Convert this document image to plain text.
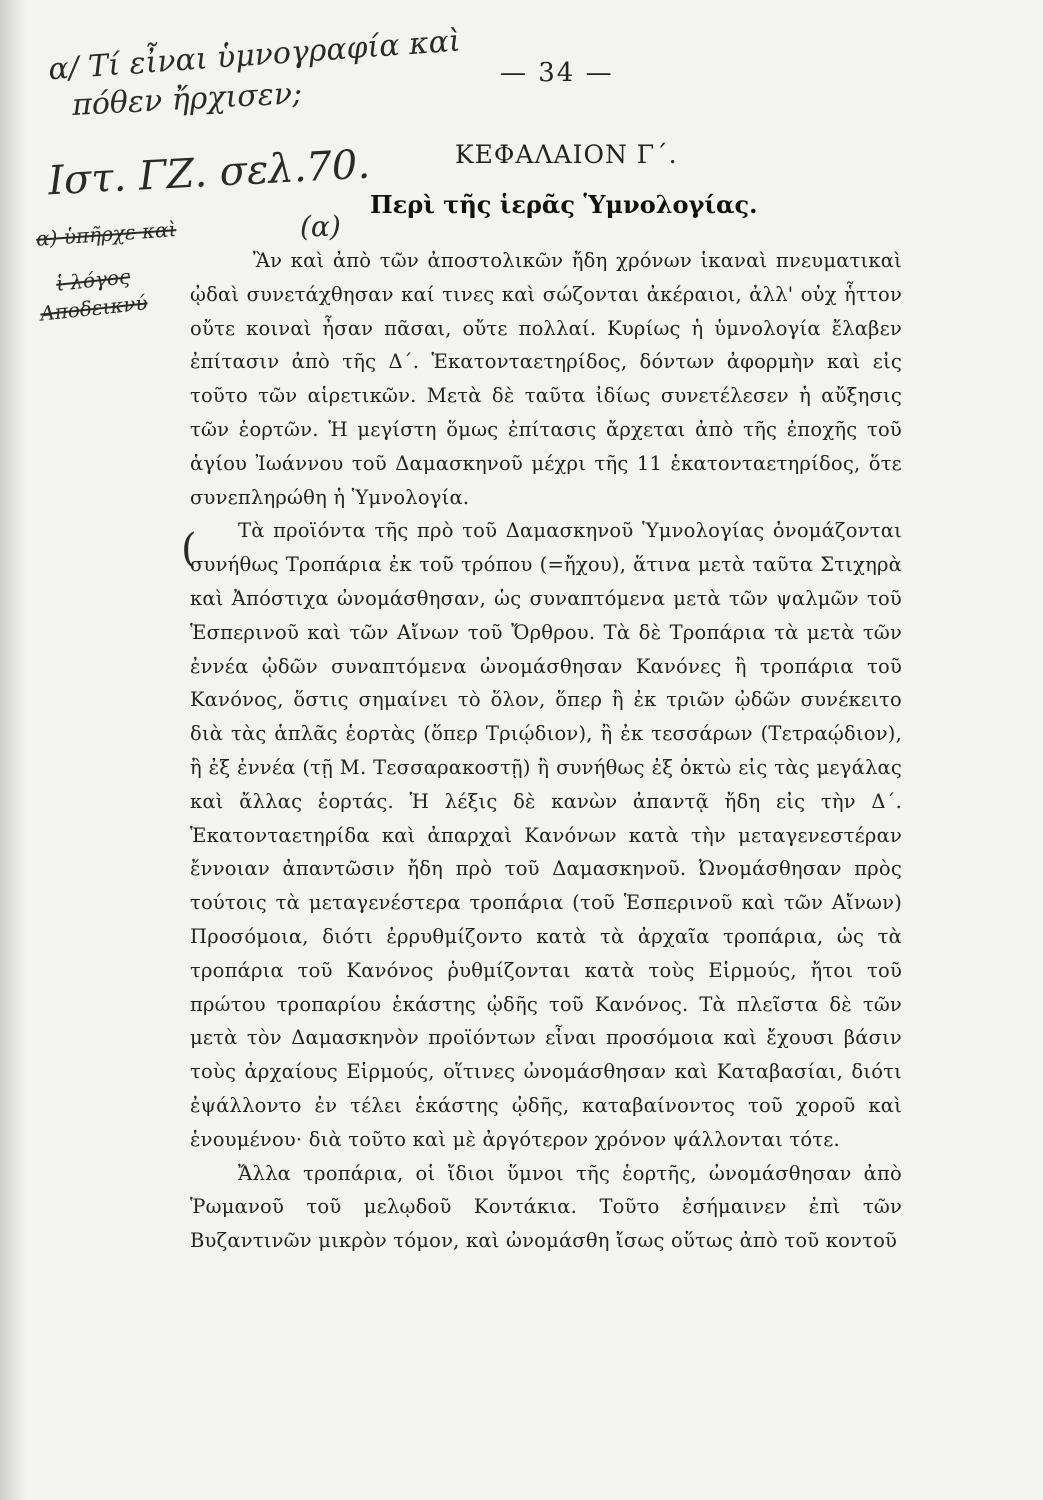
α/ Τί εἶναι ὑμνογραφία καὶ
πόθεν ἤρχισεν;
Ιστ. ΓΖ. σελ.70.
(α)
α) ὑπῆρχε καὶ
ἱ λόγος
Αποδεικνύ
(
— 34 —
ΚΕΦΑΛΑΙΟΝ Γ΄.
Περὶ τῆς ἱερᾶς Ὑμνολογίας.

Ἂν καὶ ἀπὸ τῶν ἀποστολικῶν ἤδη χρόνων ἱκαναὶ πνευματικαὶ ᾠδαὶ συνετάχθησαν καί τινες καὶ σώζονται ἀκέραιοι, ἀλλ' οὐχ ἧττον οὔτε κοιναὶ ἦσαν πᾶσαι, οὔτε πολλαί. Κυρίως ἡ ὑμνολογία ἔλαβεν ἐπίτασιν ἀπὸ τῆς Δ΄. Ἑκατονταετηρίδος, δόντων ἀφορμὴν καὶ εἰς τοῦτο τῶν αἱρετικῶν. Μετὰ δὲ ταῦτα ἰδίως συνετέλεσεν ἡ αὔξησις τῶν ἑορτῶν. Ἡ μεγίστη ὅμως ἐπίτασις ἄρχεται ἀπὸ τῆς ἐποχῆς τοῦ ἁγίου Ἰωάννου τοῦ Δαμασκηνοῦ μέχρι τῆς 11 ἑκατονταετηρίδος, ὅτε συνεπληρώθη ἡ Ὑμνολογία.

Τὰ προϊόντα τῆς πρὸ τοῦ Δαμασκηνοῦ Ὑμνολογίας ὀνομάζονται συνήθως Τροπάρια ἐκ τοῦ τρόπου (=ἤχου), ἅτινα μετὰ ταῦτα Στιχηρὰ καὶ Ἀπόστιχα ὠνομάσθησαν, ὡς συναπτόμενα μετὰ τῶν ψαλμῶν τοῦ Ἑσπερινοῦ καὶ τῶν Αἴνων τοῦ Ὄρθρου. Τὰ δὲ Τροπάρια τὰ μετὰ τῶν ἐννέα ᾠδῶν συναπτόμενα ὠνομάσθησαν Κανόνες ἢ τροπάρια τοῦ Κανόνος, ὅστις σημαίνει τὸ ὅλον, ὅπερ ἢ ἐκ τριῶν ᾠδῶν συνέκειτο διὰ τὰς ἁπλᾶς ἑορτὰς (ὅπερ Τριῴδιον), ἢ ἐκ τεσσάρων (Τετραῴδιον), ἢ ἐξ ἐννέα (τῇ Μ. Τεσσαρακοστῇ) ἢ συνήθως ἐξ ὀκτὼ εἰς τὰς μεγάλας καὶ ἄλλας ἑορτάς. Ἡ λέξις δὲ κανὼν ἀπαντᾷ ἤδη εἰς τὴν Δ΄. Ἑκατονταετηρίδα καὶ ἀπαρχαὶ Κανόνων κατὰ τὴν μεταγενεστέραν ἔννοιαν ἀπαντῶσιν ἤδη πρὸ τοῦ Δαμασκηνοῦ. Ὠνομάσθησαν πρὸς τούτοις τὰ μεταγενέστερα τροπάρια (τοῦ Ἑσπερινοῦ καὶ τῶν Αἴνων) Προσόμοια, διότι ἐρρυθμίζοντο κατὰ τὰ ἀρχαῖα τροπάρια, ὡς τὰ τροπάρια τοῦ Κανόνος ῥυθμίζονται κατὰ τοὺς Εἱρμούς, ἤτοι τοῦ πρώτου τροπαρίου ἑκάστης ᾠδῆς τοῦ Κανόνος. Τὰ πλεῖστα δὲ τῶν μετὰ τὸν Δαμασκηνὸν προϊόντων εἶναι προσόμοια καὶ ἔχουσι βάσιν τοὺς ἀρχαίους Εἱρμούς, οἵτινες ὠνομάσθησαν καὶ Καταβασίαι, διότι ἐψάλλοντο ἐν τέλει ἑκάστης ᾠδῆς, καταβαίνοντος τοῦ χοροῦ καὶ ἑνουμένου· διὰ τοῦτο καὶ μὲ ἀργότερον χρόνον ψάλλονται τότε.

Ἄλλα τροπάρια, οἱ ἴδιοι ὕμνοι τῆς ἑορτῆς, ὠνομάσθησαν ἀπὸ Ῥωμανοῦ τοῦ μελῳδοῦ Κοντάκια. Τοῦτο ἐσήμαινεν ἐπὶ τῶν Βυζαντινῶν μικρὸν τόμον, καὶ ὠνομάσθη ἴσως οὕτως ἀπὸ τοῦ κοντοῦ
